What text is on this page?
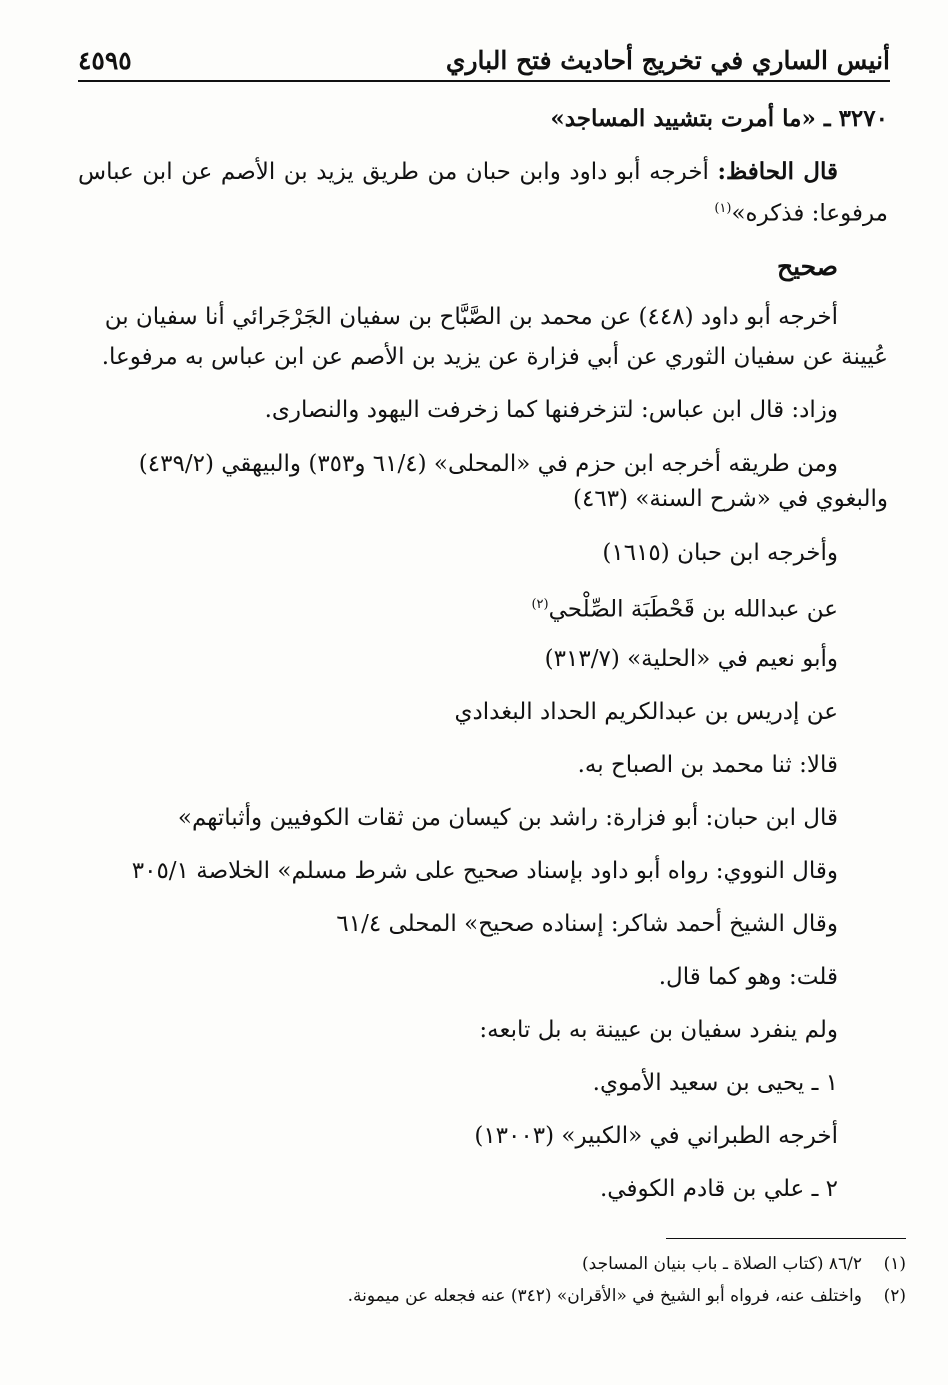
أنيس الساري في تخريج أحاديث فتح الباري
٤٥٩٥
٣٢٧٠ ـ «ما أمرت بتشييد المساجد»
قال الحافظ: أخرجه أبو داود وابن حبان من طريق يزيد بن الأصم عن ابن عباس
مرفوعا: فذكره»$^{(١)}$
صحيح
أخرجه أبو داود (٤٤٨) عن محمد بن الصَّبَّاح بن سفيان الجَرْجَرائي أنا سفيان بن
عُيينة عن سفيان الثوري عن أبي فزارة عن يزيد بن الأصم عن ابن عباس به مرفوعا.
وزاد: قال ابن عباس: لتزخرفنها كما زخرفت اليهود والنصارى.
ومن طريقه أخرجه ابن حزم في «المحلى» (٦١/٤ و٣٥٣) والبيهقي (٤٣٩/٢)
والبغوي في «شرح السنة» (٤٦٣)
وأخرجه ابن حبان (١٦١٥)
عن عبدالله بن قَحْطَبَة الصِّلْحي$^{(٢)}$
وأبو نعيم في «الحلية» (٣١٣/٧)
عن إدريس بن عبدالكريم الحداد البغدادي
قالا: ثنا محمد بن الصباح به.
قال ابن حبان: أبو فزارة: راشد بن كيسان من ثقات الكوفيين وأثباتهم»
وقال النووي: رواه أبو داود بإسناد صحيح على شرط مسلم» الخلاصة ٣٠٥/١
وقال الشيخ أحمد شاكر: إسناده صحيح» المحلى ٦١/٤
قلت: وهو كما قال.
ولم ينفرد سفيان بن عيينة به بل تابعه:
١ ـ يحيى بن سعيد الأموي.
أخرجه الطبراني في «الكبير» (١٣٠٠٣)
٢ ـ علي بن قادم الكوفي.
(١)٨٦/٢ (كتاب الصلاة ـ باب بنيان المساجد)
(٢)واختلف عنه، فرواه أبو الشيخ في «الأقران» (٣٤٢) عنه فجعله عن ميمونة.
